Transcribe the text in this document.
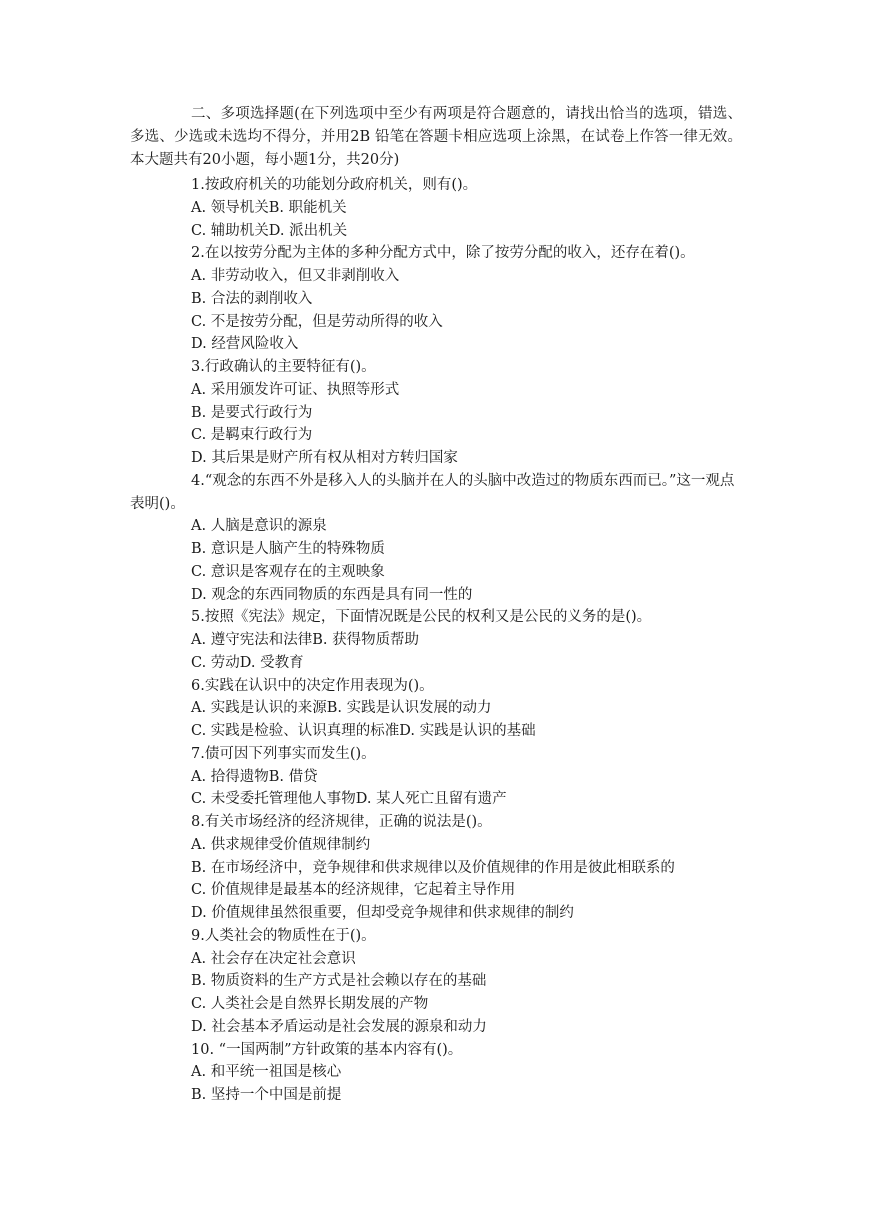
二、多项选择题(在下列选项中至少有两项是符合题意的，请找出恰当的选项，错选、多选、少选或未选均不得分，并用2B 铅笔在答题卡相应选项上涂黑，在试卷上作答一律无效。本大题共有20小题，每小题1分，共20分)

1.按政府机关的功能划分政府机关，则有()。

A. 领导机关B. 职能机关

C. 辅助机关D. 派出机关

2.在以按劳分配为主体的多种分配方式中，除了按劳分配的收入，还存在着()。

A. 非劳动收入，但又非剥削收入

B. 合法的剥削收入

C. 不是按劳分配，但是劳动所得的收入

D. 经营风险收入

3.行政确认的主要特征有()。

A. 采用颁发许可证、执照等形式

B. 是要式行政行为

C. 是羁束行政行为

D. 其后果是财产所有权从相对方转归国家

4.“观念的东西不外是移入人的头脑并在人的头脑中改造过的物质东西而已。”这一观点表明()。

A. 人脑是意识的源泉

B. 意识是人脑产生的特殊物质

C. 意识是客观存在的主观映象

D. 观念的东西同物质的东西是具有同一性的

5.按照《宪法》规定，下面情况既是公民的权利又是公民的义务的是()。

A. 遵守宪法和法律B. 获得物质帮助

C. 劳动D. 受教育

6.实践在认识中的决定作用表现为()。

A. 实践是认识的来源B. 实践是认识发展的动力

C. 实践是检验、认识真理的标准D. 实践是认识的基础

7.债可因下列事实而发生()。

A. 拾得遗物B. 借贷

C. 未受委托管理他人事物D. 某人死亡且留有遗产

8.有关市场经济的经济规律，正确的说法是()。

A. 供求规律受价值规律制约

B. 在市场经济中，竞争规律和供求规律以及价值规律的作用是彼此相联系的

C. 价值规律是最基本的经济规律，它起着主导作用

D. 价值规律虽然很重要，但却受竞争规律和供求规律的制约

9.人类社会的物质性在于()。

A. 社会存在决定社会意识

B. 物质资料的生产方式是社会赖以存在的基础

C. 人类社会是自然界长期发展的产物

D. 社会基本矛盾运动是社会发展的源泉和动力

10. “一国两制”方针政策的基本内容有()。

A. 和平统一祖国是核心

B. 坚持一个中国是前提
